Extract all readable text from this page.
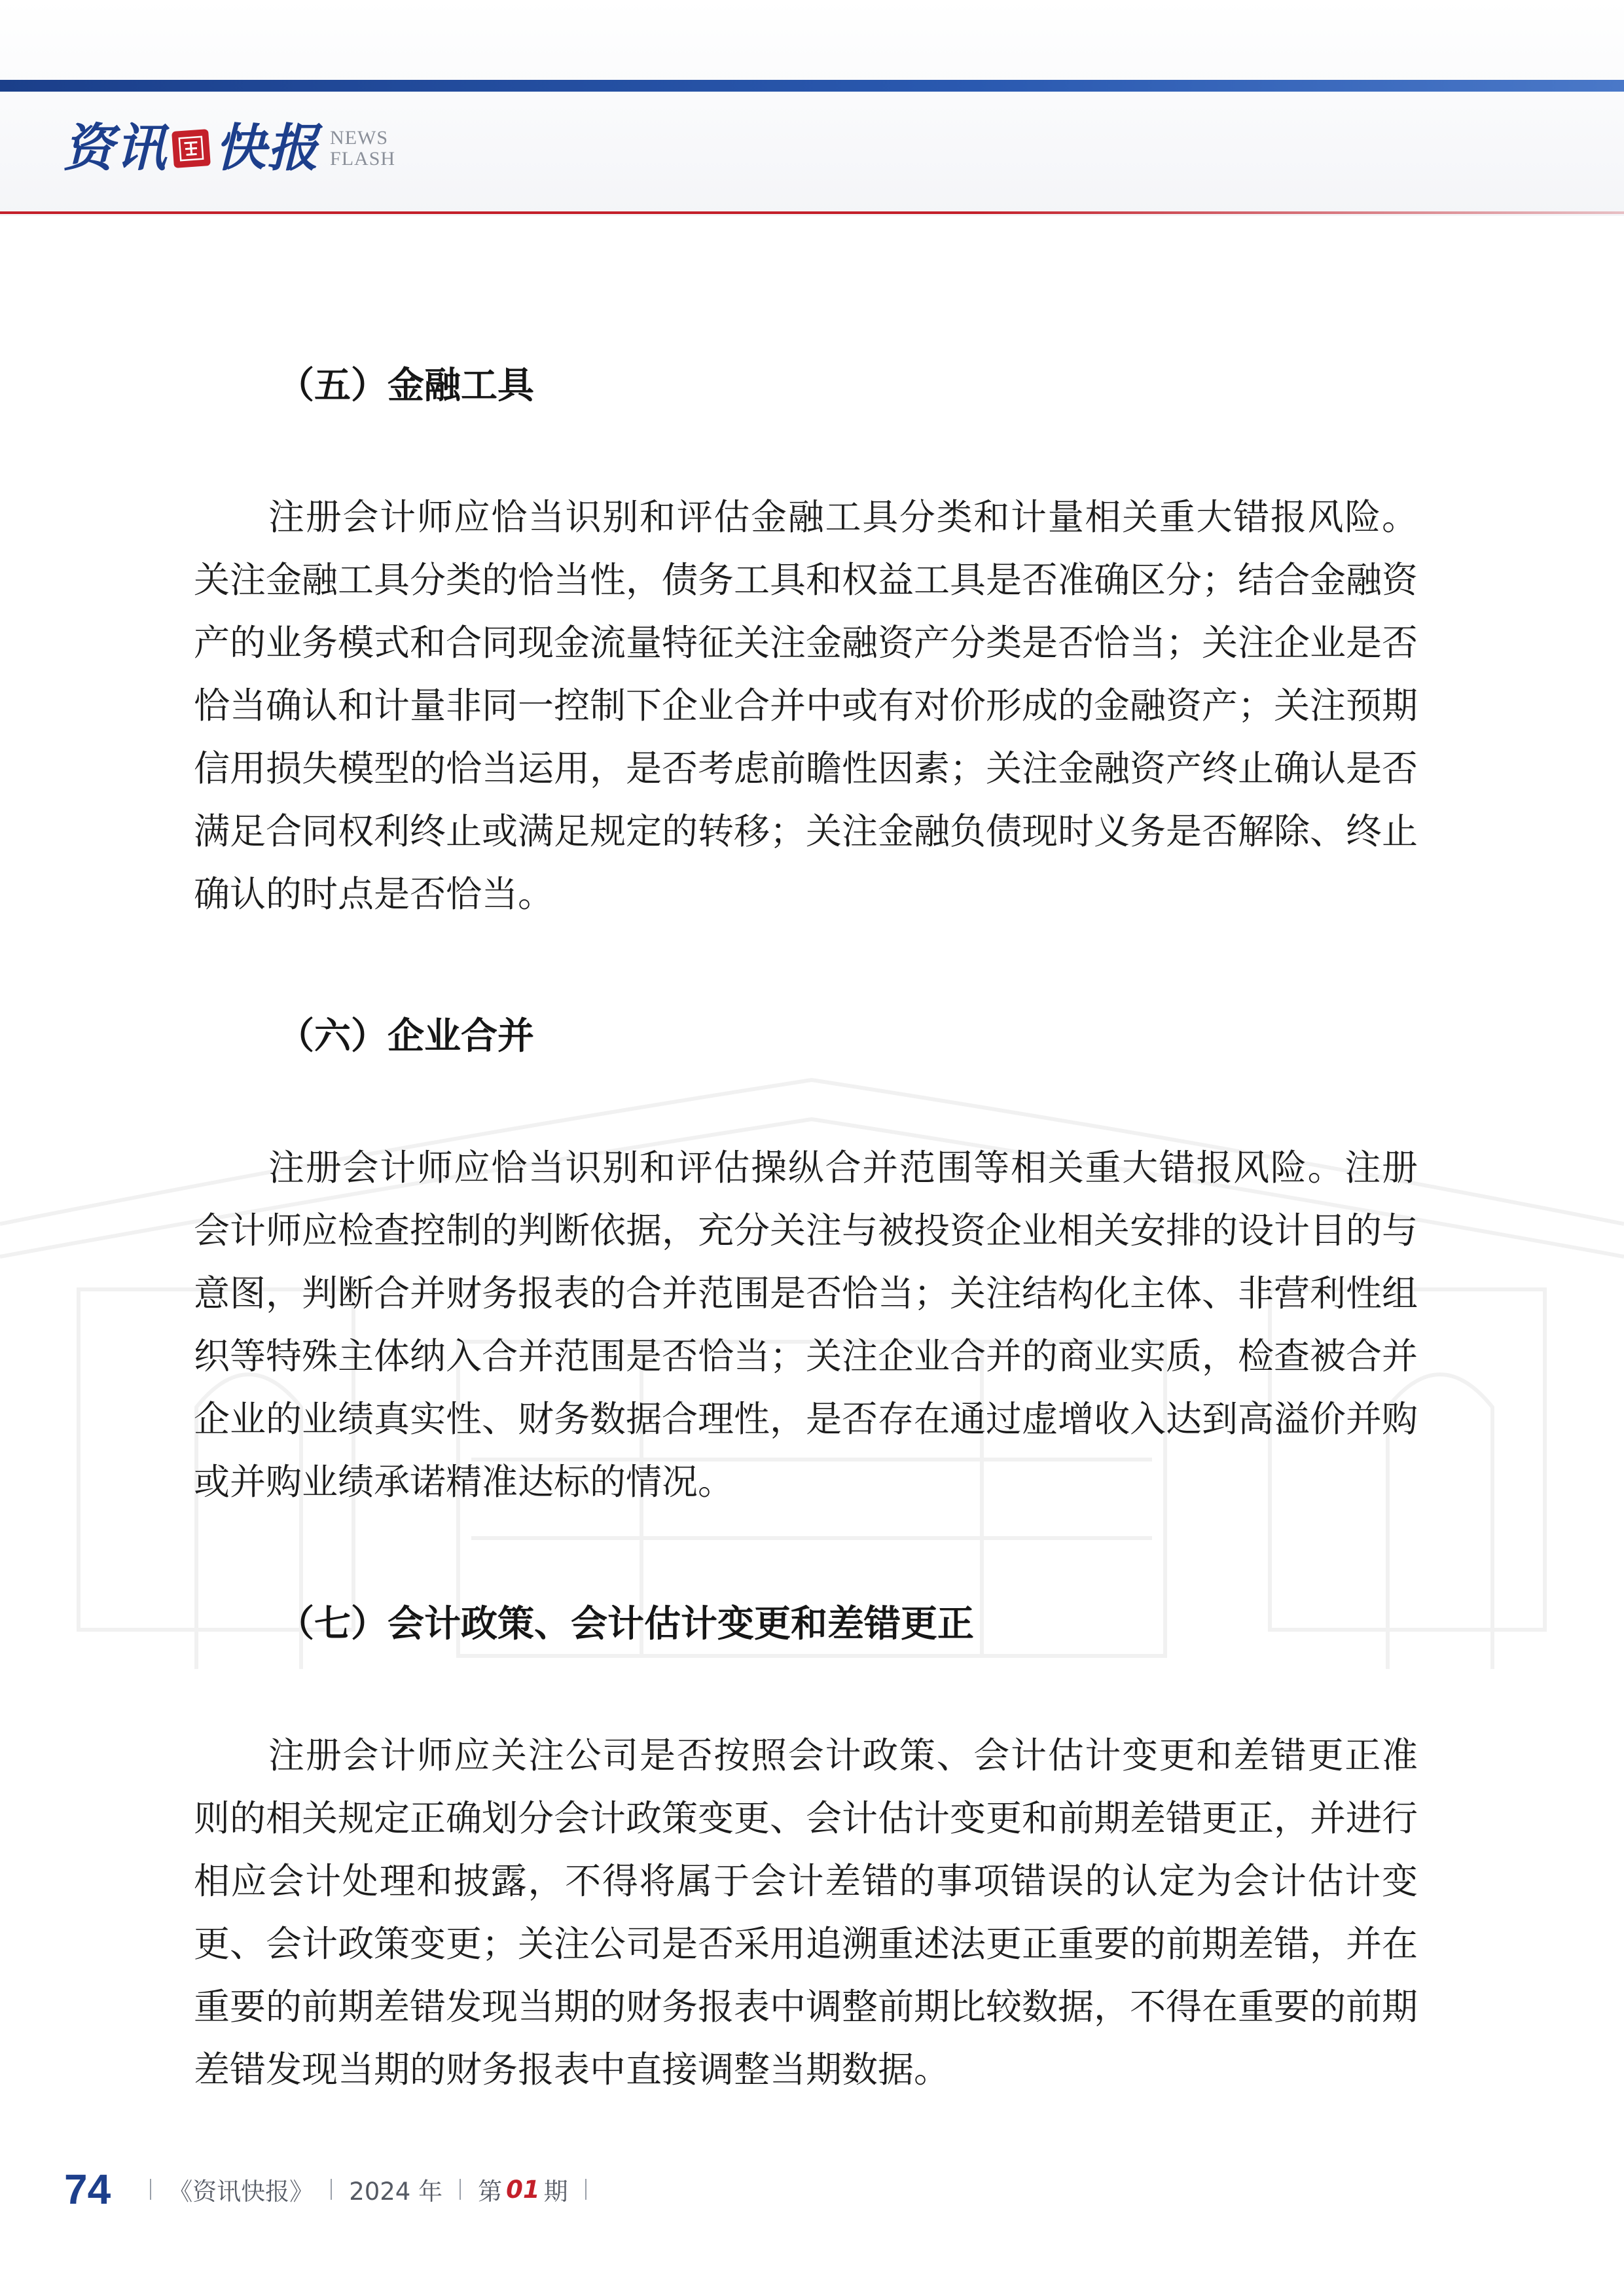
资讯 快报 NEWS
FLASH
（五）金融工具

注册会计师应恰当识别和评估金融工具分类和计量相关重大错报风险。关注金融工具分类的恰当性，债务工具和权益工具是否准确区分；结合金融资产的业务模式和合同现金流量特征关注金融资产分类是否恰当；关注企业是否恰当确认和计量非同一控制下企业合并中或有对价形成的金融资产；关注预期信用损失模型的恰当运用，是否考虑前瞻性因素；关注金融资产终止确认是否满足合同权利终止或满足规定的转移；关注金融负债现时义务是否解除、终止确认的时点是否恰当。

（六）企业合并

注册会计师应恰当识别和评估操纵合并范围等相关重大错报风险。注册会计师应检查控制的判断依据，充分关注与被投资企业相关安排的设计目的与意图，判断合并财务报表的合并范围是否恰当；关注结构化主体、非营利性组织等特殊主体纳入合并范围是否恰当；关注企业合并的商业实质，检查被合并企业的业绩真实性、财务数据合理性，是否存在通过虚增收入达到高溢价并购或并购业绩承诺精准达标的情况。

（七）会计政策、会计估计变更和差错更正

注册会计师应关注公司是否按照会计政策、会计估计变更和差错更正准则的相关规定正确划分会计政策变更、会计估计变更和前期差错更正，并进行相应会计处理和披露，不得将属于会计差错的事项错误的认定为会计估计变更、会计政策变更；关注公司是否采用追溯重述法更正重要的前期差错，并在重要的前期差错发现当期的财务报表中调整前期比较数据，不得在重要的前期差错发现当期的财务报表中直接调整当期数据。

74 《资讯快报》 2024 年 第 01 期
